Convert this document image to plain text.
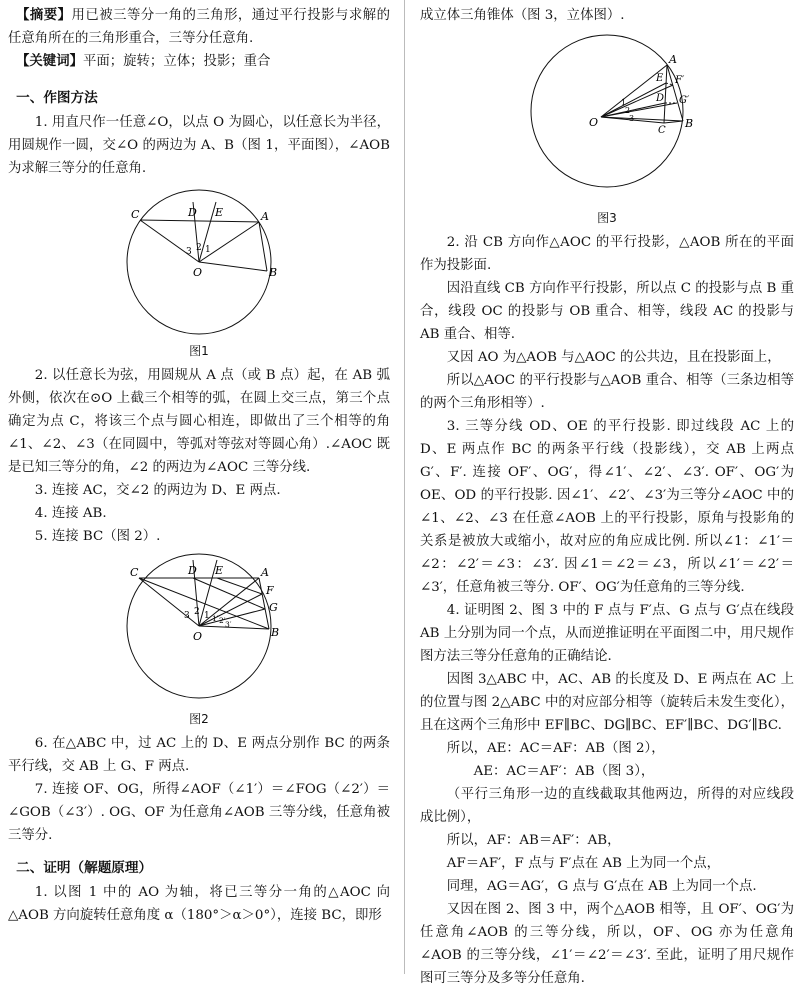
【摘要】用已被三等分一角的三角形，通过平行投影与求解的任意角所在的三角形重合，三等分任意角.

【关键词】平面；旋转；立体；投影；重合

一、作图方法

1. 用直尺作一任意∠O，以点 O 为圆心，以任意长为半径，用圆规作一圆，交∠O 的两边为 A、B（图 1，平面图），∠AOB 为求解三等分的任意角.

C	D E	A
B
O
3 2 1
图1

2. 以任意长为弦，用圆规从 A 点（或 B 点）起，在 AB 弧外侧，依次在⊙O 上截三个相等的弧，在圆上交三点，第三个点确定为点 C，将该三个点与圆心相连，即做出了三个相等的角∠1、∠2、∠3（在同圆中，等弧对等弦对等圆心角）.∠AOC 既是已知三等分的角，∠2 的两边为∠AOC 三等分线.

3. 连接 AC，交∠2 的两边为 D、E 两点.

4. 连接 AB.

5. 连接 BC（图 2）.

C	D E	A
F
G
B
O
3 2 1 1′ 2′ 3′
图2

6. 在△ABC 中，过 AC 上的 D、E 两点分别作 BC 的两条平行线，交 AB 上 G、F 两点.

7. 连接 OF、OG，所得∠AOF（∠1′）＝∠FOG（∠2′）＝∠GOB（∠3′）. OG、OF 为任意角∠AOB 三等分线，任意角被三等分.

二、证明（解题原理）

1. 以图 1 中的 AO 为轴，将已三等分一角的△AOC 向△AOB 方向旋转任意角度 α（180°＞α＞0°），连接 BC，即形

成立体三角锥体（图 3，立体图）.

A
E F′
D G′
C
B
O
1
2
3
图3

2. 沿 CB 方向作△AOC 的平行投影，△AOB 所在的平面作为投影面.

因沿直线 CB 方向作平行投影，所以点 C 的投影与点 B 重合，线段 OC 的投影与 OB 重合、相等，线段 AC 的投影与 AB 重合、相等.

又因 AO 为△AOB 与△AOC 的公共边，且在投影面上，

所以△AOC 的平行投影与△AOB 重合、相等（三条边相等的两个三角形相等）.

3. 三等分线 OD、OE 的平行投影. 即过线段 AC 上的 D、E 两点作 BC 的两条平行线（投影线），交 AB 上两点 G′、F′. 连接 OF′、OG′，得∠1′、∠2′、∠3′. OF′、OG′为 OE、OD 的平行投影. 因∠1′、∠2′、∠3′为三等分∠AOC 中的∠1、∠2、∠3 在任意∠AOB 上的平行投影，原角与投影角的关系是被放大或缩小，故对应的角应成比例. 所以∠1：∠1′＝∠2：∠2′＝∠3：∠3′. 因∠1＝∠2＝∠3，所以∠1′＝∠2′＝∠3′，任意角被三等分. OF′、OG′为任意角的三等分线.

4. 证明图 2、图 3 中的 F 点与 F′点、G 点与 G′点在线段 AB 上分别为同一个点，从而逆推证明在平面图二中，用尺规作图方法三等分任意角的正确结论.

因图 3△ABC 中，AC、AB 的长度及 D、E 两点在 AC 上的位置与图 2△ABC 中的对应部分相等（旋转后未发生变化），且在这两个三角形中 EF∥BC、DG∥BC、EF′∥BC、DG′∥BC.

所以，AE：AC＝AF：AB（图 2），

AE：AC＝AF′：AB（图 3），

（平行三角形一边的直线截取其他两边，所得的对应线段成比例），

所以，AF：AB＝AF′：AB，

AF＝AF′，F 点与 F′点在 AB 上为同一个点，

同理，AG＝AG′，G 点与 G′点在 AB 上为同一个点.

又因在图 2、图 3 中，两个△AOB 相等，且 OF′、OG′为任意角∠AOB 的三等分线，所以，OF、OG 亦为任意角∠AOB 的三等分线，∠1′＝∠2′＝∠3′. 至此，证明了用尺规作图可三等分及多等分任意角.
